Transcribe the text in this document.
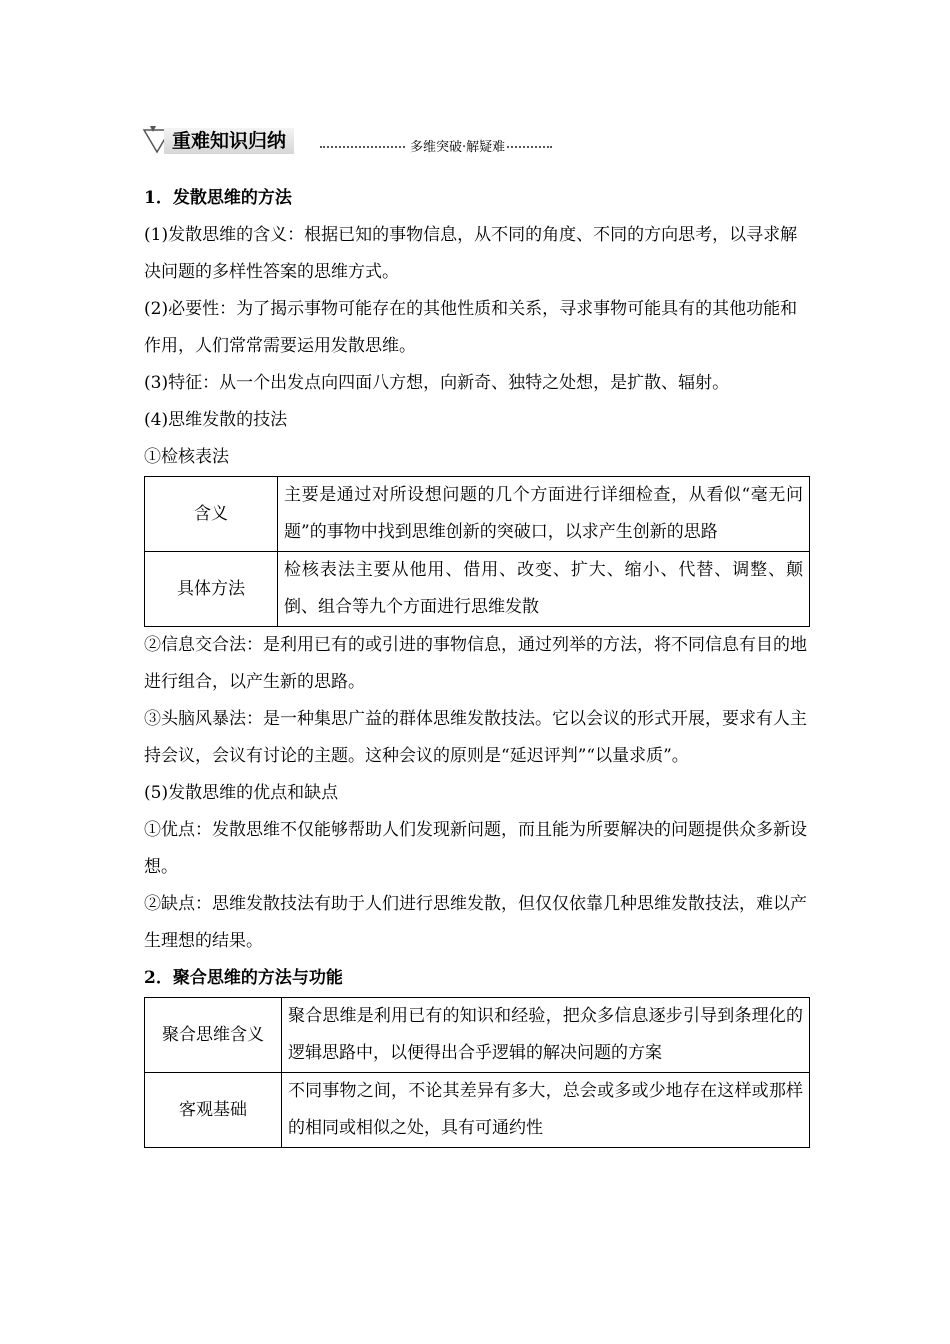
重难知识归纳	多维突破·解疑难

1．发散思维的方法

(1)发散思维的含义：根据已知的事物信息，从不同的角度、不同的方向思考，以寻求解决问题的多样性答案的思维方式。

(2)必要性：为了揭示事物可能存在的其他性质和关系，寻求事物可能具有的其他功能和作用，人们常常需要运用发散思维。

(3)特征：从一个出发点向四面八方想，向新奇、独特之处想，是扩散、辐射。

(4)思维发散的技法

①检核表法

含义	主要是通过对所设想问题的几个方面进行详细检查，从看似“毫无问题”的事物中找到思维创新的突破口，以求产生创新的思路
具体方法	检核表法主要从他用、借用、改变、扩大、缩小、代替、调整、颠倒、组合等九个方面进行思维发散

②信息交合法：是利用已有的或引进的事物信息，通过列举的方法，将不同信息有目的地进行组合，以产生新的思路。

③头脑风暴法：是一种集思广益的群体思维发散技法。它以会议的形式开展，要求有人主持会议，会议有讨论的主题。这种会议的原则是“延迟评判”“以量求质”。

(5)发散思维的优点和缺点

①优点：发散思维不仅能够帮助人们发现新问题，而且能为所要解决的问题提供众多新设想。

②缺点：思维发散技法有助于人们进行思维发散，但仅仅依靠几种思维发散技法，难以产生理想的结果。

2．聚合思维的方法与功能

聚合思维含义	聚合思维是利用已有的知识和经验，把众多信息逐步引导到条理化的逻辑思路中，以便得出合乎逻辑的解决问题的方案
客观基础	不同事物之间，不论其差异有多大，总会或多或少地存在这样或那样的相同或相似之处，具有可通约性
